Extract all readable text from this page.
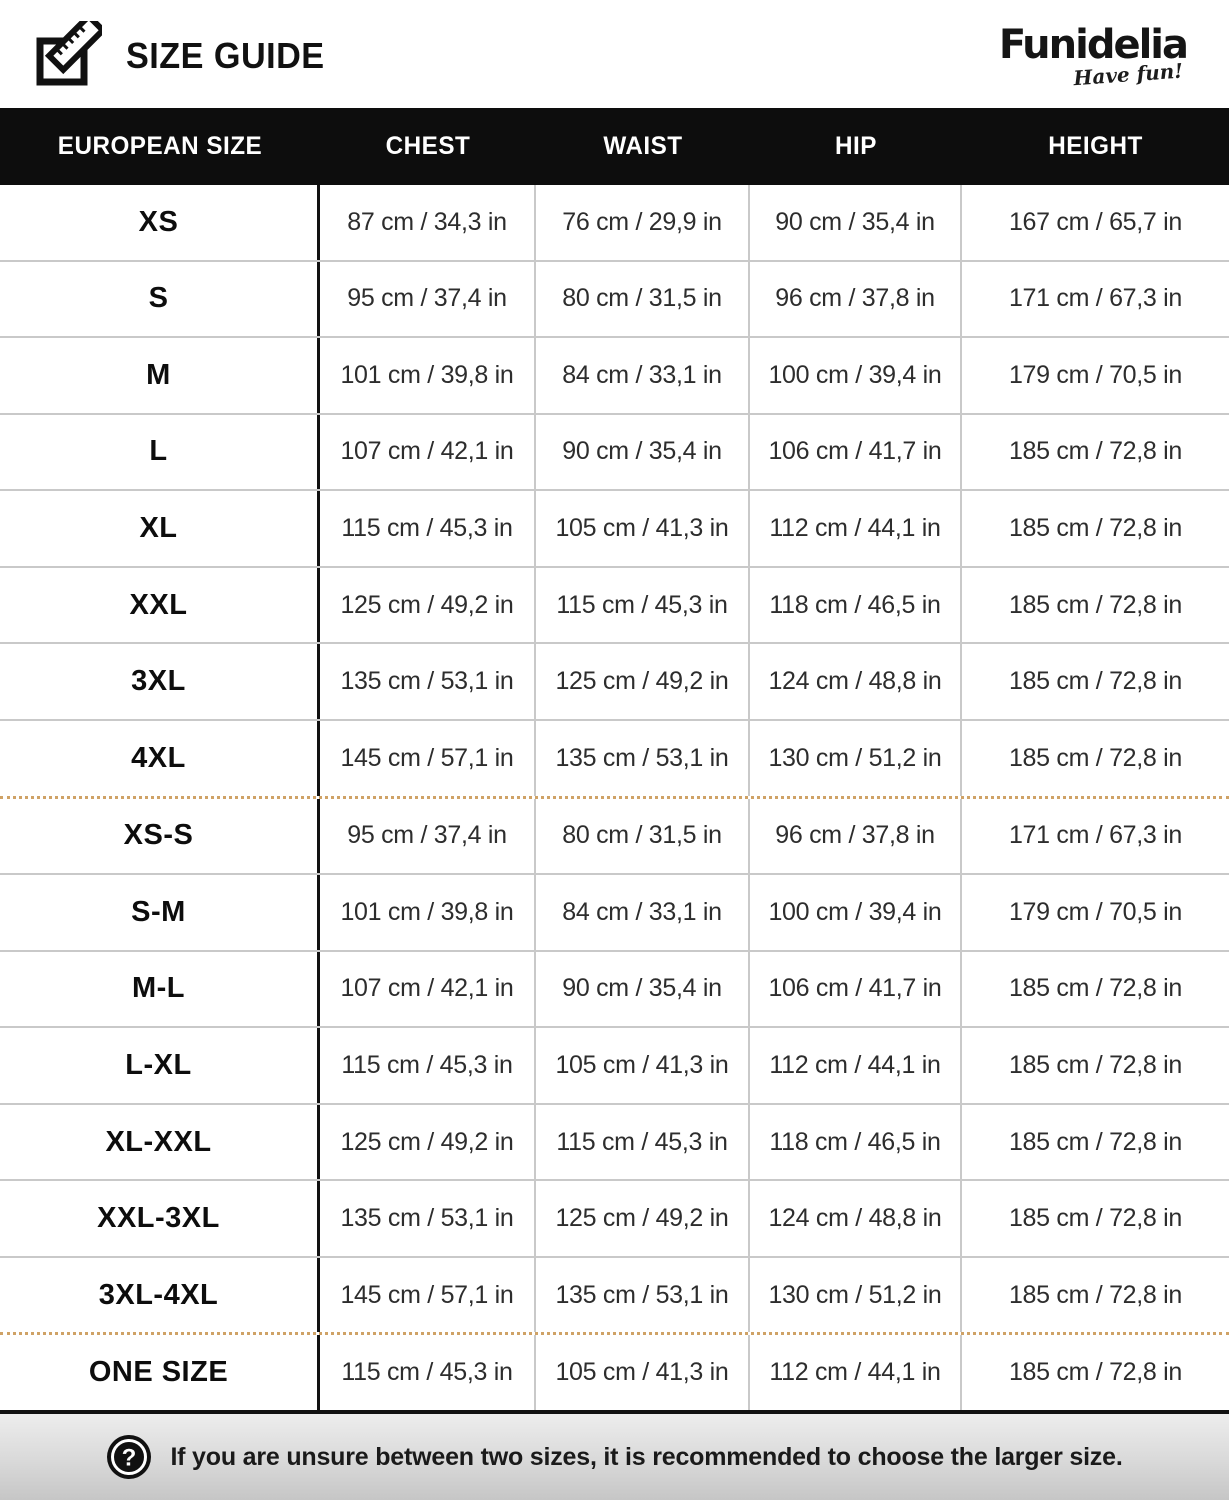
SIZE GUIDE	Funidelia
Have fun!
EUROPEAN SIZE	CHEST	WAIST	HIP	HEIGHT
XS	87 cm / 34,3 in	76 cm / 29,9 in	90 cm / 35,4 in	167 cm / 65,7 in
S	95 cm / 37,4 in	80 cm / 31,5 in	96 cm / 37,8 in	171 cm / 67,3 in
M	101 cm / 39,8 in	84 cm / 33,1 in	100 cm / 39,4 in	179 cm / 70,5 in
L	107 cm / 42,1 in	90 cm / 35,4 in	106 cm / 41,7 in	185 cm / 72,8 in
XL	115 cm / 45,3 in	105 cm / 41,3 in	112 cm / 44,1 in	185 cm / 72,8 in
XXL	125 cm / 49,2 in	115 cm / 45,3 in	118 cm / 46,5 in	185 cm / 72,8 in
3XL	135 cm / 53,1 in	125 cm / 49,2 in	124 cm / 48,8 in	185 cm / 72,8 in
4XL	145 cm / 57,1 in	135 cm / 53,1 in	130 cm / 51,2 in	185 cm / 72,8 in
XS-S	95 cm / 37,4 in	80 cm / 31,5 in	96 cm / 37,8 in	171 cm / 67,3 in
S-M	101 cm / 39,8 in	84 cm / 33,1 in	100 cm / 39,4 in	179 cm / 70,5 in
M-L	107 cm / 42,1 in	90 cm / 35,4 in	106 cm / 41,7 in	185 cm / 72,8 in
L-XL	115 cm / 45,3 in	105 cm / 41,3 in	112 cm / 44,1 in	185 cm / 72,8 in
XL-XXL	125 cm / 49,2 in	115 cm / 45,3 in	118 cm / 46,5 in	185 cm / 72,8 in
XXL-3XL	135 cm / 53,1 in	125 cm / 49,2 in	124 cm / 48,8 in	185 cm / 72,8 in
3XL-4XL	145 cm / 57,1 in	135 cm / 53,1 in	130 cm / 51,2 in	185 cm / 72,8 in
ONE SIZE	115 cm / 45,3 in	105 cm / 41,3 in	112 cm / 44,1 in	185 cm / 72,8 in
? If you are unsure between two sizes, it is recommended to choose the larger size.
